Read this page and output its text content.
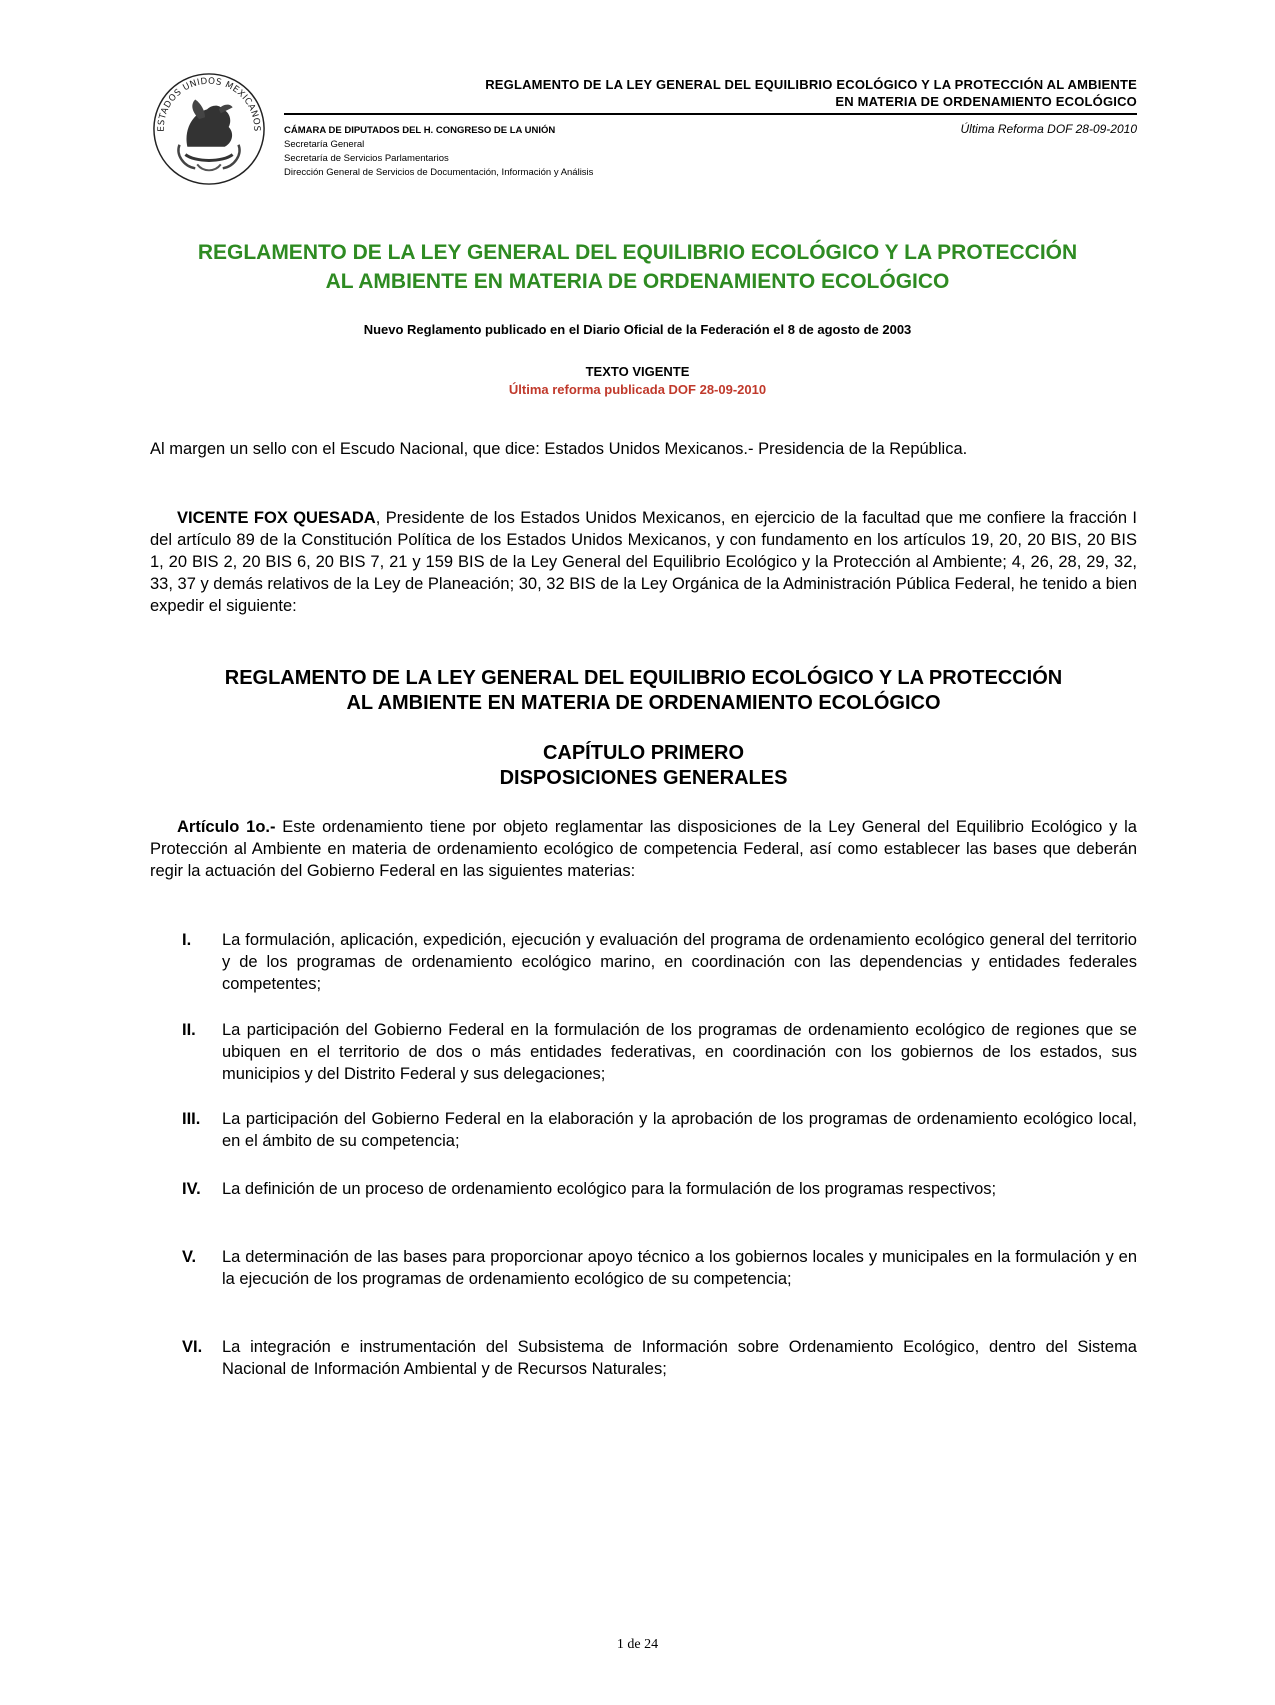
ESTADOS UNIDOS MEXICANOS
REGLAMENTO DE LA LEY GENERAL DEL EQUILIBRIO ECOLÓGICO Y LA PROTECCIÓN AL AMBIENTE
EN MATERIA DE ORDENAMIENTO ECOLÓGICO
CÁMARA DE DIPUTADOS DEL H. CONGRESO DE LA UNIÓN
Secretaría General
Secretaría de Servicios Parlamentarios
Dirección General de Servicios de Documentación, Información y Análisis
Última Reforma DOF 28-09-2010
REGLAMENTO DE LA LEY GENERAL DEL EQUILIBRIO ECOLÓGICO Y LA PROTECCIÓN
AL AMBIENTE EN MATERIA DE ORDENAMIENTO ECOLÓGICO
Nuevo Reglamento publicado en el Diario Oficial de la Federación el 8 de agosto de 2003
TEXTO VIGENTE
Última reforma publicada DOF 28-09-2010
Al margen un sello con el Escudo Nacional, que dice: Estados Unidos Mexicanos.- Presidencia de la República.
VICENTE FOX QUESADA, Presidente de los Estados Unidos Mexicanos, en ejercicio de la facultad que me confiere la fracción I del artículo 89 de la Constitución Política de los Estados Unidos Mexicanos, y con fundamento en los artículos 19, 20, 20 BIS, 20 BIS 1, 20 BIS 2, 20 BIS 6, 20 BIS 7, 21 y 159 BIS de la Ley General del Equilibrio Ecológico y la Protección al Ambiente; 4, 26, 28, 29, 32, 33, 37 y demás relativos de la Ley de Planeación; 30, 32 BIS de la Ley Orgánica de la Administración Pública Federal, he tenido a bien expedir el siguiente:
REGLAMENTO DE LA LEY GENERAL DEL EQUILIBRIO ECOLÓGICO Y LA PROTECCIÓN
AL AMBIENTE EN MATERIA DE ORDENAMIENTO ECOLÓGICO
CAPÍTULO PRIMERO
DISPOSICIONES GENERALES
Artículo 1o.- Este ordenamiento tiene por objeto reglamentar las disposiciones de la Ley General del Equilibrio Ecológico y la Protección al Ambiente en materia de ordenamiento ecológico de competencia Federal, así como establecer las bases que deberán regir la actuación del Gobierno Federal en las siguientes materias:
I. La formulación, aplicación, expedición, ejecución y evaluación del programa de ordenamiento ecológico general del territorio y de los programas de ordenamiento ecológico marino, en coordinación con las dependencias y entidades federales competentes;
II. La participación del Gobierno Federal en la formulación de los programas de ordenamiento ecológico de regiones que se ubiquen en el territorio de dos o más entidades federativas, en coordinación con los gobiernos de los estados, sus municipios y del Distrito Federal y sus delegaciones;
III. La participación del Gobierno Federal en la elaboración y la aprobación de los programas de ordenamiento ecológico local, en el ámbito de su competencia;
IV. La definición de un proceso de ordenamiento ecológico para la formulación de los programas respectivos;
V. La determinación de las bases para proporcionar apoyo técnico a los gobiernos locales y municipales en la formulación y en la ejecución de los programas de ordenamiento ecológico de su competencia;
VI. La integración e instrumentación del Subsistema de Información sobre Ordenamiento Ecológico, dentro del Sistema Nacional de Información Ambiental y de Recursos Naturales;
1 de 24
